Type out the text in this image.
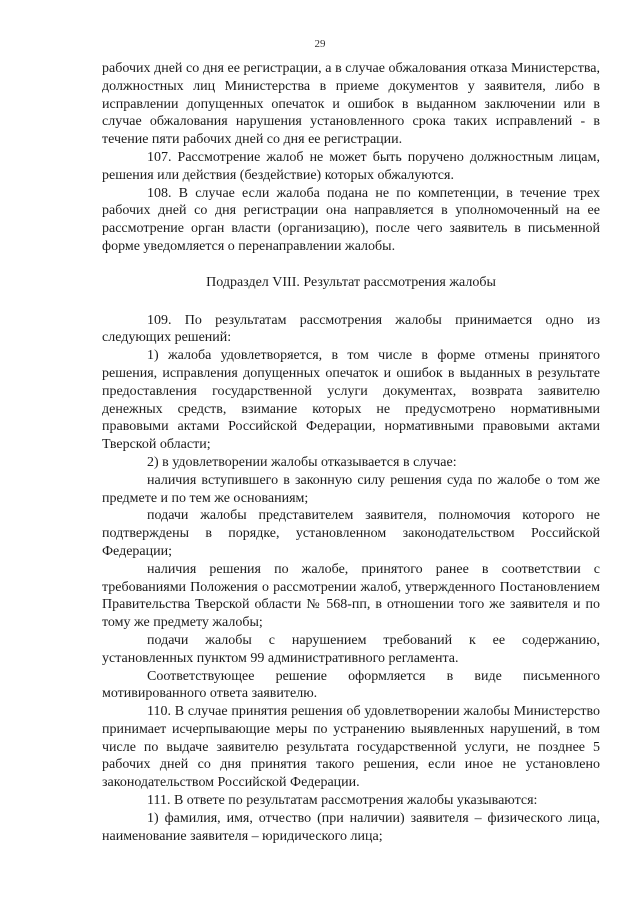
29

рабочих дней со дня ее регистрации, а в случае обжалования отказа Министерства, должностных лиц Министерства в приеме документов у заявителя, либо в исправлении допущенных опечаток и ошибок в выданном заключении или в случае обжалования нарушения установленного срока таких исправлений - в течение пяти рабочих дней со дня ее регистрации.

107. Рассмотрение жалоб не может быть поручено должностным лицам, решения или действия (бездействие) которых обжалуются.

108. В случае если жалоба подана не по компетенции, в течение трех рабочих дней со дня регистрации она направляется в уполномоченный на ее рассмотрение орган власти (организацию), после чего заявитель в письменной форме уведомляется о перенаправлении жалобы.

Подраздел VIII. Результат рассмотрения жалобы

109. По результатам рассмотрения жалобы принимается одно из следующих решений:

1) жалоба удовлетворяется, в том числе в форме отмены принятого решения, исправления допущенных опечаток и ошибок в выданных в результате предоставления государственной услуги документах, возврата заявителю денежных средств, взимание которых не предусмотрено нормативными правовыми актами Российской Федерации, нормативными правовыми актами Тверской области;

2) в удовлетворении жалобы отказывается в случае:

наличия вступившего в законную силу решения суда по жалобе о том же предмете и по тем же основаниям;

подачи жалобы представителем заявителя, полномочия которого не подтверждены в порядке, установленном законодательством Российской Федерации;

наличия решения по жалобе, принятого ранее в соответствии с требованиями Положения о рассмотрении жалоб, утвержденного Постановлением Правительства Тверской области № 568-пп, в отношении того же заявителя и по тому же предмету жалобы;

подачи жалобы с нарушением требований к ее содержанию, установленных пунктом 99 административного регламента.

Соответствующее решение оформляется в виде письменного мотивированного ответа заявителю.

110. В случае принятия решения об удовлетворении жалобы Министерство принимает исчерпывающие меры по устранению выявленных нарушений, в том числе по выдаче заявителю результата государственной услуги, не позднее 5 рабочих дней со дня принятия такого решения, если иное не установлено законодательством Российской Федерации.

111. В ответе по результатам рассмотрения жалобы указываются:

1) фамилия, имя, отчество (при наличии) заявителя – физического лица, наименование заявителя – юридического лица;
